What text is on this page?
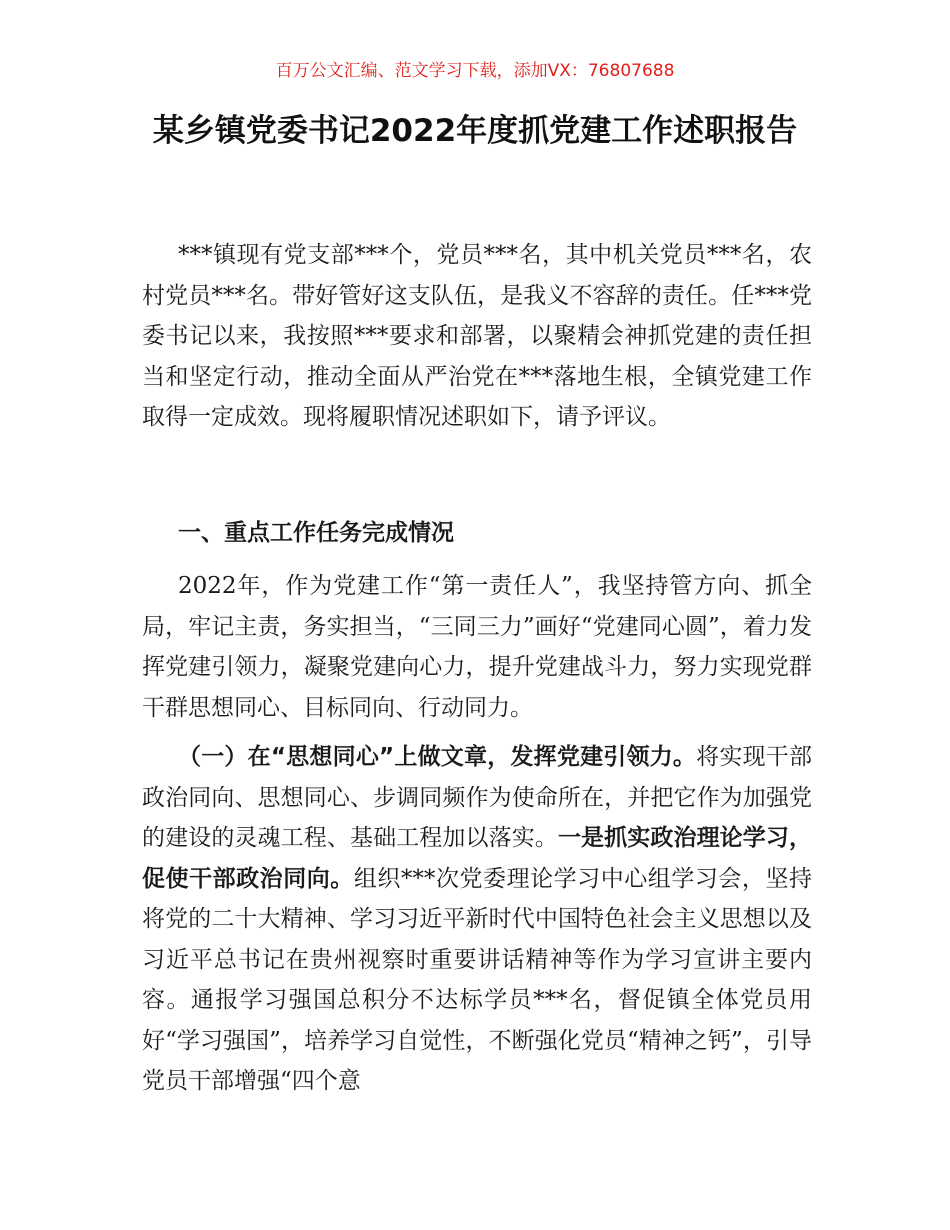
百万公文汇编、范文学习下载，添加VX：76807688
某乡镇党委书记2022年度抓党建工作述职报告

***镇现有党支部***个，党员***名，其中机关党员***名，农村党员***名。带好管好这支队伍，是我义不容辞的责任。任***党委书记以来，我按照***要求和部署，以聚精会神抓党建的责任担当和坚定行动，推动全面从严治党在***落地生根，全镇党建工作取得一定成效。现将履职情况述职如下，请予评议。

一、重点工作任务完成情况

2022年，作为党建工作“第一责任人”，我坚持管方向、抓全局，牢记主责，务实担当，“三同三力”画好“党建同心圆”，着力发挥党建引领力，凝聚党建向心力，提升党建战斗力，努力实现党群干群思想同心、目标同向、行动同力。

（一）在“思想同心”上做文章，发挥党建引领力。将实现干部政治同向、思想同心、步调同频作为使命所在，并把它作为加强党的建设的灵魂工程、基础工程加以落实。一是抓实政治理论学习，促使干部政治同向。组织***次党委理论学习中心组学习会，坚持将党的二十大精神、学习习近平新时代中国特色社会主义思想以及习近平总书记在贵州视察时重要讲话精神等作为学习宣讲主要内容。通报学习强国总积分不达标学员***名，督促镇全体党员用好“学习强国”，培养学习自觉性，不断强化党员“精神之钙”，引导党员干部增强“四个意
